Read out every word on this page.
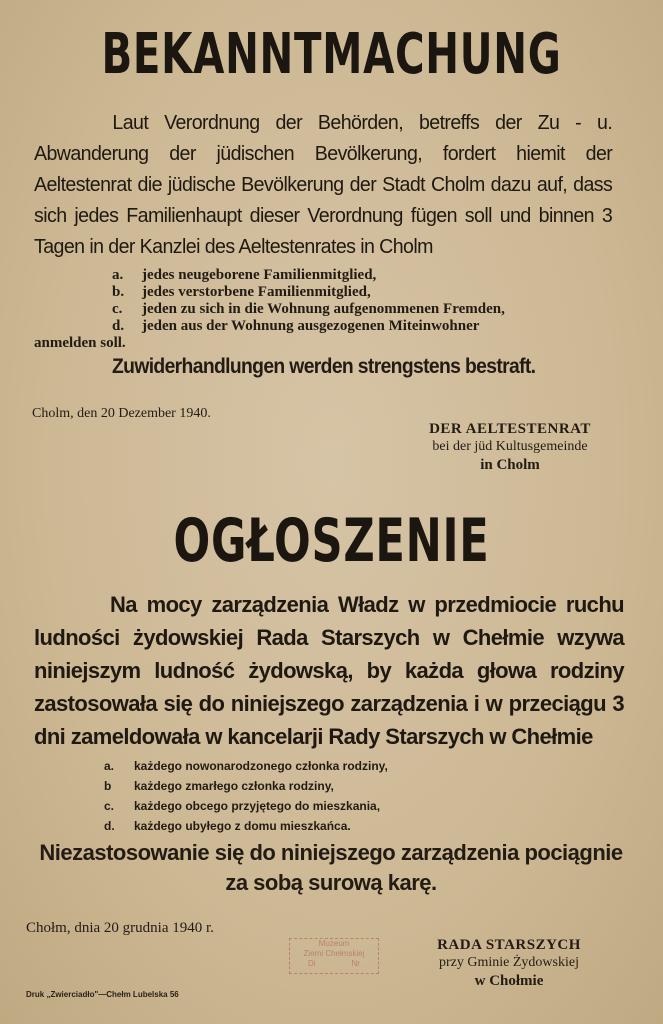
BEKANNTMACHUNG
Laut Verordnung der Behörden, betreffs der Zu - u. Abwanderung der jüdischen Bevölkerung, fordert hiemit der Aeltestenrat die jüdische Bevölkerung der Stadt Cholm dazu auf, dass sich jedes Familienhaupt dieser Verordnung fügen soll und binnen 3 Tagen in der Kanzlei des Aeltestenrates in Cholm
a. jedes neugeborene Familienmitglied,
b. jedes verstorbene Familienmitglied,
c. jeden zu sich in die Wohnung aufgenommenen Fremden,
d. jeden aus der Wohnung ausgezogenen Miteinwohner
anmelden soll.
Zuwiderhandlungen werden strengstens bestraft.
Cholm, den 20 Dezember 1940.
DER AELTESTENRAT
bei der jüd Kultusgemeinde
in Cholm
OGŁOSZENIE
Na mocy zarządzenia Władz w przedmiocie ruchu ludności żydowskiej Rada Starszych w Chełmie wzywa niniejszym ludność żydowską, by każda głowa rodziny zastosowała się do niniejszego zarządzenia i w przeciągu 3 dni zameldowała w kancelarji Rady Starszych w Chełmie
a. każdego nowonarodzonego członka rodziny,
b każdego zmarłego członka rodziny,
c. każdego obcego przyjętego do mieszkania,
d. każdego ubyłego z domu mieszkańca.
Niezastosowanie się do niniejszego zarządzenia pociągnie za sobą surową karę.
Chołm, dnia 20 grudnia 1940 r.
Muzeum
Ziemi Chełmskiej
Di	Nr
RADA STARSZYCH
przy Gminie Żydowskiej
w Chołmie
Druk „Zwierciadło"—Chełm Lubelska 56
